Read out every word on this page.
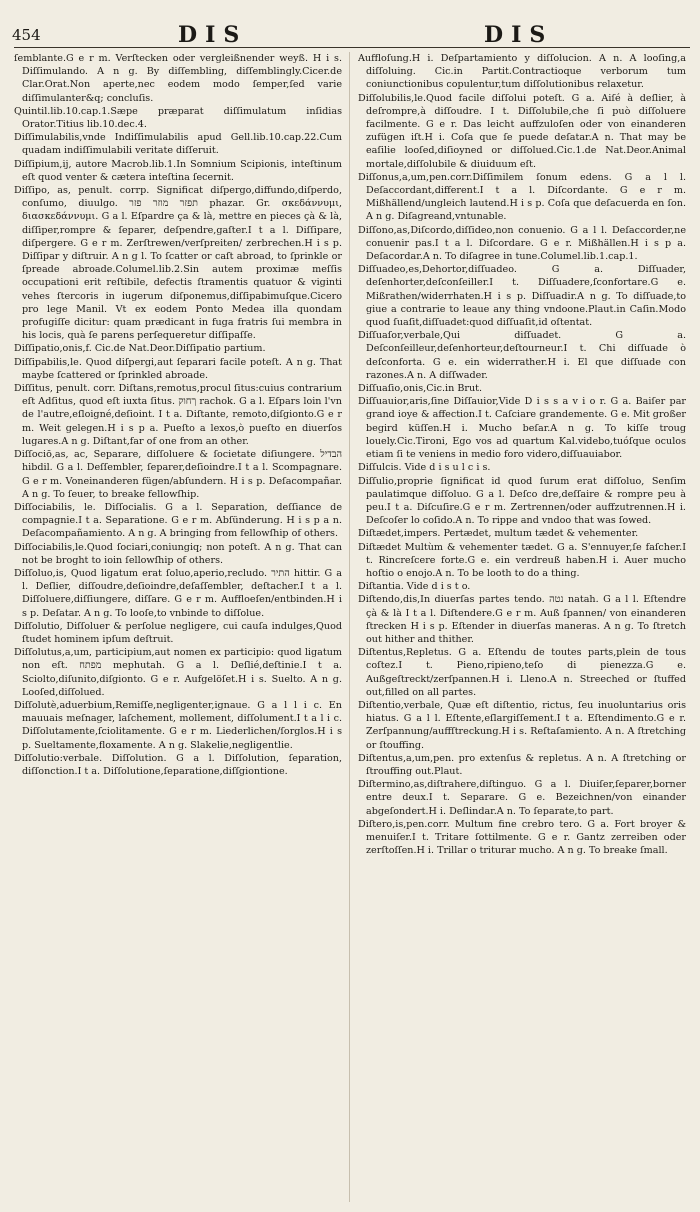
454	DIS	DIS

ſemblante.G e r m. Verſtecken oder vergleißnender weyß. H i s. Diſſimulando. A n g. By diſſembling, diſſemblingly.Cicer.de Clar.Orat.Non aperte,nec eodem modo ſemper,ſed varie diſſimulanter&q; concluſis.

Quintil.lib.10.cap.1.Sæpe præparat diſſimulatum inſidias Orator.Titius lib.10.dec.4.

Diſſimulabilis,vnde Indiſſimulabilis apud Gell.lib.10.cap.22.Cum quadam indiſſimulabili veritate diſſeruit.

Diſſipium,ij, autore Macrob.lib.1.In Somnium Scipionis, inteſtinum eſt quod venter & cætera inteſtina ſecernit.

Diſſipo, as, penult. corrp. Significat diſpergo,diffundo,diſperdo, conſumo, diuulgo. תפזר מוזר פזר phazar. Gr. σκεδάννυμι, διασκεδάννυμι. G a l. Eſpardre ça & là, mettre en pieces çà & là, diſſiper,rompre & ſeparer, deſpendre,gaſter.I t a l. Diſſipare, diſpergere. G e r m. Zerſtrewen/verſpreiten/ zerbrechen.H i s p. Diſſipar y diſtruir. A n g l. To ſcatter or caſt abroad, to ſprinkle or ſpreade abroade.Columel.lib.2.Sin autem proximæ meſſis occupationi erit reſtibile, defectis ſtramentis quatuor & viginti vehes ſtercoris in iugerum diſponemus,diſſipabimuſque.Cicero pro lege Manil. Vt ex eodem Ponto Medea illa quondam profugiſſe dicitur: quam prædicant in fuga fratris ſui membra in his locis, quà ſe parens perſequeretur diſſipaſſe.

Diſſipatio,onis,f. Cic.de Nat.Deor.Diſſipatio partium.

Diſſipabilis,le. Quod diſpergi,aut ſeparari facile poteſt. A n g. That maybe ſcattered or ſprinkled abroade.

Diſſitus, penult. corr. Diſtans,remotus,procul ſitus:cuius contrarium eſt Adſitus, quod eſt iuxta ſitus. ךחוק rachok. G a l. Eſpars loin l'vn de l'autre,eſloigné,deſioint. I t a. Diſtante, remoto,diſgionto.G e r m. Weit gelegen.H i s p a. Pueſto a lexos,ò pueſto en diuerſos lugares.A n g. Diſtant,far of one from an other.

Diſſociō,as, ac, Separare, diſſoluere & ſocietate diſiungere. הבדיל hibdil. G a l. Deſſembler, ſeparer,deſioindre.I t a l. Scompagnare. G e r m. Voneinanderen fügen/abſundern. H i s p. Deſacompañar. A n g. To ſeuer, to breake fellowſhip.

Diſſociabilis, le. Diſſocialis. G a l. Separation, deſſiance de compagnie.I t a. Separatione. G e r m. Abſünderung. H i s p a n. Deſacompañamiento. A n g. A bringing from fellowſhip of others.

Diſſociabilis,le.Quod ſociari,coniungiq; non poteſt. A n g. That can not be broght to ioin ſellowſhip of others.

Diſſoluo,is, Quod ligatum erat ſoluo,aperio,recludo. התיר hittir. G a l. Deſlier, diſſoudre,deſioindre,deſaſſembler, deſtacher.I t a l. Diſſoluere,diſſiungere, diſſare. G e r m. Auffloeſen/entbinden.H i s p. Deſatar. A n g. To looſe,to vnbinde to diſſolue.

Diſſolutio, Diſſoluer & perſolue negligere, cui cauſa indulges,Quod ſtudet hominem ipſum deſtruit.

Diſſolutus,a,um, participium,aut nomen ex participio: quod ligatum non eſt. מפתח mephutah. G a l. Deſlié,deſtinie.I t a. Sciolto,diſunito,diſgionto. G e r. Aufgelöſet.H i s. Suelto. A n g. Looſed,diſſolued.

Diſſolutè,aduerbium,Remiſſe,negligenter,ignaue. G a l l i c. En mauuais meſnager, laſchement, mollement, diſſolument.I t a l i c. Diſſolutamente,ſciolitamente. G e r m. Liederlichen/ſorglos.H i s p. Sueltamente,floxamente. A n g. Slakelie,negligentlie.

Diſſolutio:verbale. Diſſolution. G a l. Diſſolution, ſeparation, diſſonction.I t a. Diſſolutione,ſeparatione,diſſgiontione.

Auffloſung.H i. Deſpartamiento y diſſolucion. A n. A looſing,a diſſoluing. Cic.in Partit.Contractioque verborum tum coniunctionibus copulentur,tum diſſolutionibus relaxetur.

Diſſolubilis,le.Quod facile diſſolui poteſt. G a. Aiſé à deſlier, à deſrompre,à diſſoudre. I t. Diſſolubile,che ſi può diſſoluere facilmente. G e r. Das leicht auffzuloſen oder von einanderen zufügen iſt.H i. Coſa que ſe puede deſatar.A n. That may be eaſilie looſed,diſioyned or diſſolued.Cic.1.de Nat.Deor.Animal mortale,diſſolubile & diuiduum eſt.

Diſſonus,a,um,pen.corr.Diſſimilem ſonum edens. G a l l. Deſaccordant,different.I t a l. Diſcordante. G e r m. Mißhällend/ungleich lautend.H i s p. Coſa que deſacuerda en ſon. A n g. Diſagreand,vntunable.

Diſſono,as,Diſcordo,diſſideo,non conuenio. G a l l. Deſaccorder,ne conuenir pas.I t a l. Diſcordare. G e r. Mißhällen.H i s p a. Deſacordar.A n. To diſagree in tune.Columel.lib.1.cap.1.

Diſſuadeo,es,Dehortor,diſſuadeo. G a. Diſſuader, deſenhorter,deſconſeiller.I t. Diſſuadere,ſconfortare.G e. Mißrathen/widerrhaten.H i s p. Diſſuadir.A n g. To diſſuade,to giue a contrarie to leaue any thing vndoone.Plaut.in Caſin.Modo quod ſuaſit,diſſuadet:quod diſſuaſit,id oſtentat.

Diſſuaſor,verbale,Qui diſſuadet. G a. Deſconſeilleur,deſenhorteur,deſtourneur.I t. Chi diſſuade ò deſconforta. G e. ein widerrather.H i. El que diſſuade con razones.A n. A diſſwader.

Diſſuaſio,onis,Cic.in Brut.

Diſſuauior,aris,ſine Diſſauior,Vide D i s s a v i o r. G a. Baiſer par grand ioye & affection.I t. Caſciare grandemente. G e. Mit großer begird küſſen.H i. Mucho beſar.A n g. To kiſſe troug louely.Cic.Tironi, Ego vos ad quartum Kal.videbo,tuóſque oculos etiam ſi te veniens in medio foro videro,diſſuauiabor.

Diſſulcis. Vide d i s u l c i s.

Diſſulio,proprie ſignificat id quod ſurum erat diſſoluo, Senſim paulatimque diſſoluo. G a l. Deſco dre,deſſaire & rompre peu à peu.I t a. Diſcuſire.G e r m. Zertrennen/oder auffzutrennen.H i. Deſcoſer lo coſido.A n. To rippe and vndoo that was ſowed.

Diſtædet,impers. Pertædet, multum tædet & vehementer.

Diſtædet Multùm & vehementer tædet. G a. S'ennuyer,ſe faſcher.I t. Rincreſcere forte.G e. ein verdreuß haben.H i. Auer mucho hoſtio o enojo.A n. To be looth to do a thing.

Diſtantia. Vide d i s t o.

Diſtendo,dis,In diuerſas partes tendo. נטה natah. G a l l. Eſtendre çà & là I t a l. Diſtendere.G e r m. Auß ſpannen/ von einanderen ſtrecken H i s p. Eſtender in diuerſas maneras. A n g. To ſtretch out hither and thither.

Diſtentus,Repletus. G a. Eſtendu de toutes parts,plein de tous coſtez.I t. Pieno,ripieno,teſo di pienezza.G e. Außgeſtreckt/zerſpannen.H i. Lleno.A n. Streeched or ſtuffed out,filled on all partes.

Diſtentio,verbale, Quæ eſt diſtentio, rictus, ſeu inuoluntarius oris hiatus. G a l l. Eſtente,eſlargiſſement.I t a. Eſtendimento.G e r. Zerſpannung/auffſtreckung.H i s. Reſtaſamiento. A n. A ſtretching or ſtouffing.

Diſtentus,a,um,pen. pro extenſus & repletus. A n. A ſtretching or ſtrouffing out.Plaut.

Diſtermino,as,diſtrahere,diſtinguo. G a l. Diuiſer,ſeparer,borner entre deux.I t. Separare. G e. Bezeichnen/von einander abgeſondert.H i. Deſlindar.A n. To ſeparate,to part.

Diſtero,is,pen.corr. Multum fine crebro tero. G a. Fort broyer & menuiſer.I t. Tritare ſottilmente. G e r. Gantz zerreiben oder zerſtoſſen.H i. Trillar o triturar mucho. A n g. To breake ſmall.
